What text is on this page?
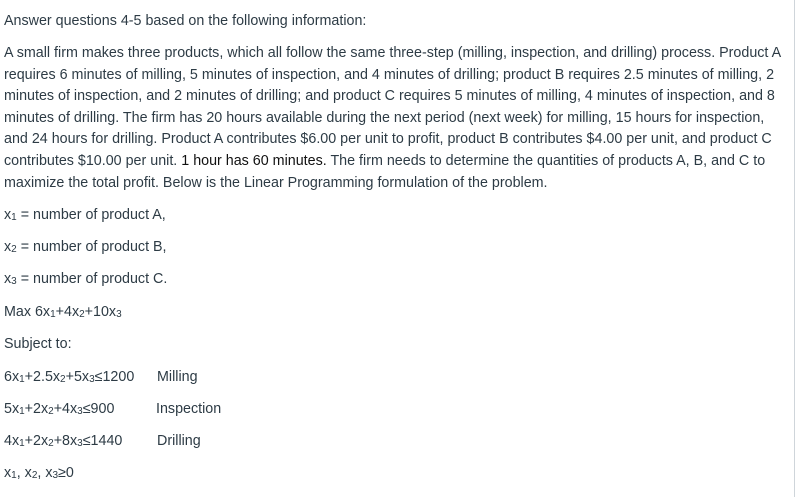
Answer questions 4-5 based on the following information:

A small firm makes three products, which all follow the same three-step (milling, inspection, and drilling) process. Product A requires 6 minutes of milling, 5 minutes of inspection, and 4 minutes of drilling; product B requires 2.5 minutes of milling, 2 minutes of inspection, and 2 minutes of drilling; and product C requires 5 minutes of milling, 4 minutes of inspection, and 8 minutes of drilling. The firm has 20 hours available during the next period (next week) for milling, 15 hours for inspection, and 24 hours for drilling. Product A contributes $6.00 per unit to profit, product B contributes $4.00 per unit, and product C contributes $10.00 per unit. 1 hour has 60 minutes. The firm needs to determine the quantities of products A, B, and C to maximize the total profit. Below is the Linear Programming formulation of the problem.

$x_1$ = number of product A,
$x_2$ = number of product B,
$x_3$ = number of product C.
Max $6x_1+4x_2+10x_3$
Subject to:
$6x_1+2.5x_2+5x_3\le 1200$ Milling
$5x_1+2x_2+4x_3\le 900$	Inspection
$4x_1+2x_2+8x_3\le 1440$ Drilling
$x_1$, $x_2$, $x_3\ge 0$
